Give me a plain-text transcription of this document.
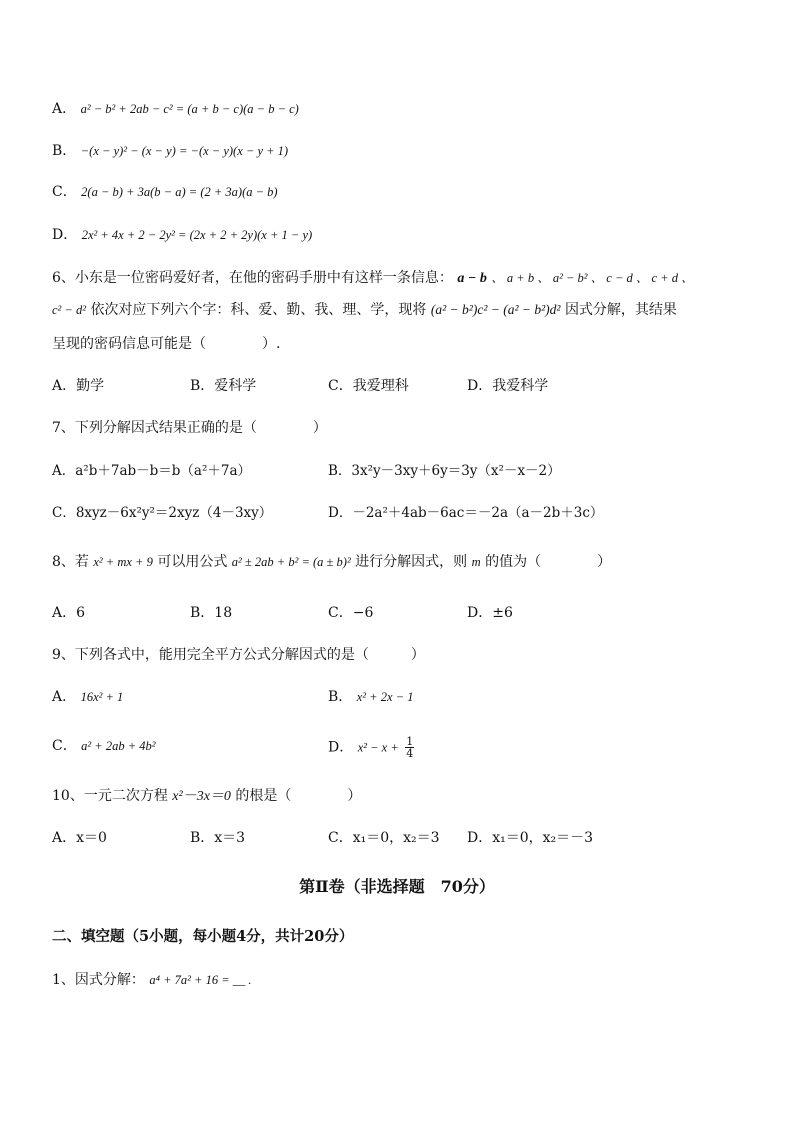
A． a² − b² + 2ab − c² = (a + b − c)(a − b − c)
B． −(x − y)² − (x − y) = −(x − y)(x − y + 1)
C． 2(a − b) + 3a(b − a) = (2 + 3a)(a − b)
D． 2x² + 4x + 2 − 2y² = (2x + 2 + 2y)(x + 1 − y)
6、小东是一位密码爱好者，在他的密码手册中有这样一条信息： a − b 、 a + b 、 a² − b² 、 c − d 、 c + d 、
c² − d² 依次对应下列六个字：科、爱、勤、我、理、学，现将 (a² − b²)c² − (a² − b²)d² 因式分解，其结果
呈现的密码信息可能是（　　　　）.
A．勤学	B．爱科学	C．我爱理科	D．我爱科学
7、下列分解因式结果正确的是（　　　　）
A．a²b＋7ab－b＝b（a²＋7a）	B．3x²y－3xy＋6y＝3y（x²－x－2）
C．8xyz－6x²y²＝2xyz（4－3xy）	D．－2a²＋4ab－6ac＝－2a（a－2b＋3c）
8、若 x² + mx + 9 可以用公式 a² ± 2ab + b² = (a ± b)² 进行分解因式，则 m 的值为（　　　　）
A．6	B．18	C．−6	D．±6
9、下列各式中，能用完全平方公式分解因式的是（　　　）
A． 16x² + 1	B． x² + 2x − 1
C． a² + 2ab + 4b²	D． $x^2 - x + \frac{1}{4}$
10、一元二次方程 x²－3x＝0 的根是（　　　　）
A．x＝0	B．x＝3	C．x₁＝0，x₂＝3 D．x₁＝0，x₂＝－3
第Ⅱ卷（非选择题　70分）
二、填空题（5小题，每小题4分，共计20分）
1、因式分解： a⁴ + 7a² + 16 = __ .
